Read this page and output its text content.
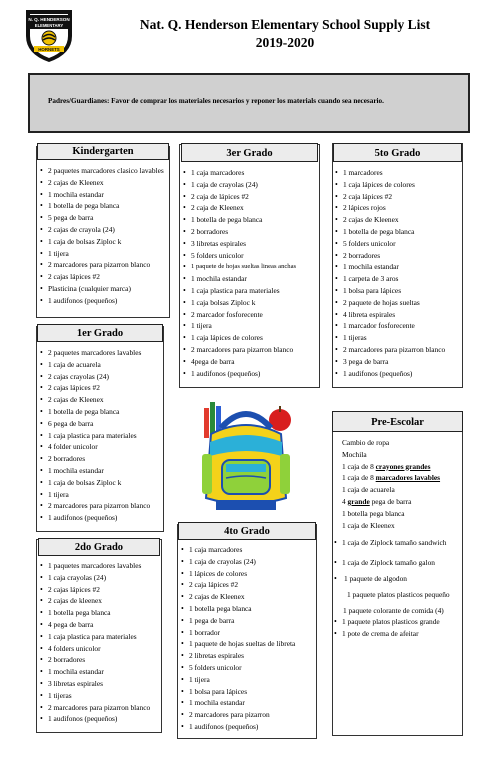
N. Q. HENDERSON
ELEMENTARY
HORNETS
Nat. Q. Henderson Elementary School Supply List
2019-2020
Padres/Guardianes: Favor de comprar los materiales necesarios y reponer los materials cuando sea necesario.
Kindergarten
• 2 paquetes marcadores clasico lavables
• 2 cajas de Kleenex
• 1 mochila estandar
• 1 botella de pega blanca
• 5 pega de barra
• 2 cajas de crayola (24)
• 1 caja de bolsas Ziploc k
• 1 tijera
• 2 marcadores para pizarron blanco
• 2 cajas lápices #2
• Plasticina (cualquier marca)
• 1 audifonos (pequeños)
1er Grado
• 2 paquetes marcadores lavables
• 1 caja de acuarela
• 2 cajas crayolas (24)
• 2 cajas lápices #2
• 2 cajas de Kleenex
• 1 botella de pega blanca
• 6 pega de barra
• 1 caja plastica para materiales
• 4 folder unicolor
• 2 borradores
• 1 mochila estandar
• 1 caja de bolsas Ziploc k
• 1 tijera
• 2 marcadores para pizarron blanco
• 1 audifonos (pequeños)
2do Grado
• 1 paquetes marcadores lavables
• 1 caja crayolas (24)
• 2 cajas lápices #2
• 2 cajas de kleenex
• 1 botella pega blanca
• 4 pega de barra
• 1 caja plastica para materiales
• 4 folders unicolor
• 2 borradores
• 1 mochila estandar
• 3 libretas espirales
• 1 tijeras
• 2 marcadores para pizarron blanco
• 1 audifonos (pequeños)
3er Grado
• 1 caja marcadores
• 1 caja de crayolas (24)
• 2 caja de lápices #2
• 2 caja de Kleenex
• 1 botella de pega blanca
• 2 borradores
• 3 libretas espirales
• 5 folders unicolor
• 1 paquete de hojas sueltas lineas anchas
• 1 mochila estandar
• 1 caja plastica para materiales
• 1 caja bolsas Ziploc k
• 2 marcador fosforecente
• 1 tijera
• 1 caja lápices de colores
• 2 marcadores para pizarron blanco
• 4pega de barra
• 1 audifonos (pequeños)
4to Grado
• 1 caja marcadores
• 1 caja de crayolas (24)
• 1 lápices de colores
• 2 caja lápices #2
• 2 cajas de Kleenex
• 1 botella pega blanca
• 1 pega de barra
• 1 borrador
• 1 paquete de hojas sueltas de libreta
• 2 libretas espirales
• 5 folders unicolor
• 1 tijera
• 1 bolsa para lápices
• 1 mochila estandar
• 2 marcadores para pizarron
• 1 audifonos (pequeños)
5to Grado
• 1 marcadores
• 1 caja lápices de colores
• 2 caja lápices #2
• 2 lápices rojos
• 2 cajas de Kleenex
• 1 botella de pega blanca
• 5 folders unicolor
• 2 borradores
• 1 mochila estandar
• 1 carpeta de 3 aros
• 1 bolsa para lápices
• 2 paquete de hojas sueltas
• 4 libreta espirales
• 1 marcador fosforecente
• 1 tijeras
• 2 marcadores para pizarron blanco
• 3 pega de barra
• 1 audifonos (pequeños)
Pre-Escolar
Cambio de ropa
Mochila
1 caja de 8 crayones grandes
1 caja de 8 marcadores lavables
1 caja de acuarela
4 grande pega de barra
1 botella pega blanca
1 caja de Kleenex
• 1 caja de Ziplock tamaño sandwich
• 1 caja de Ziplock tamaño galon
• 1 paquete de algodon
1 paquete platos plasticos pequeño
1 paquete colorante de comida (4)
• 1 paquete platos plasticos grande
• 1 pote de crema de afeitar
